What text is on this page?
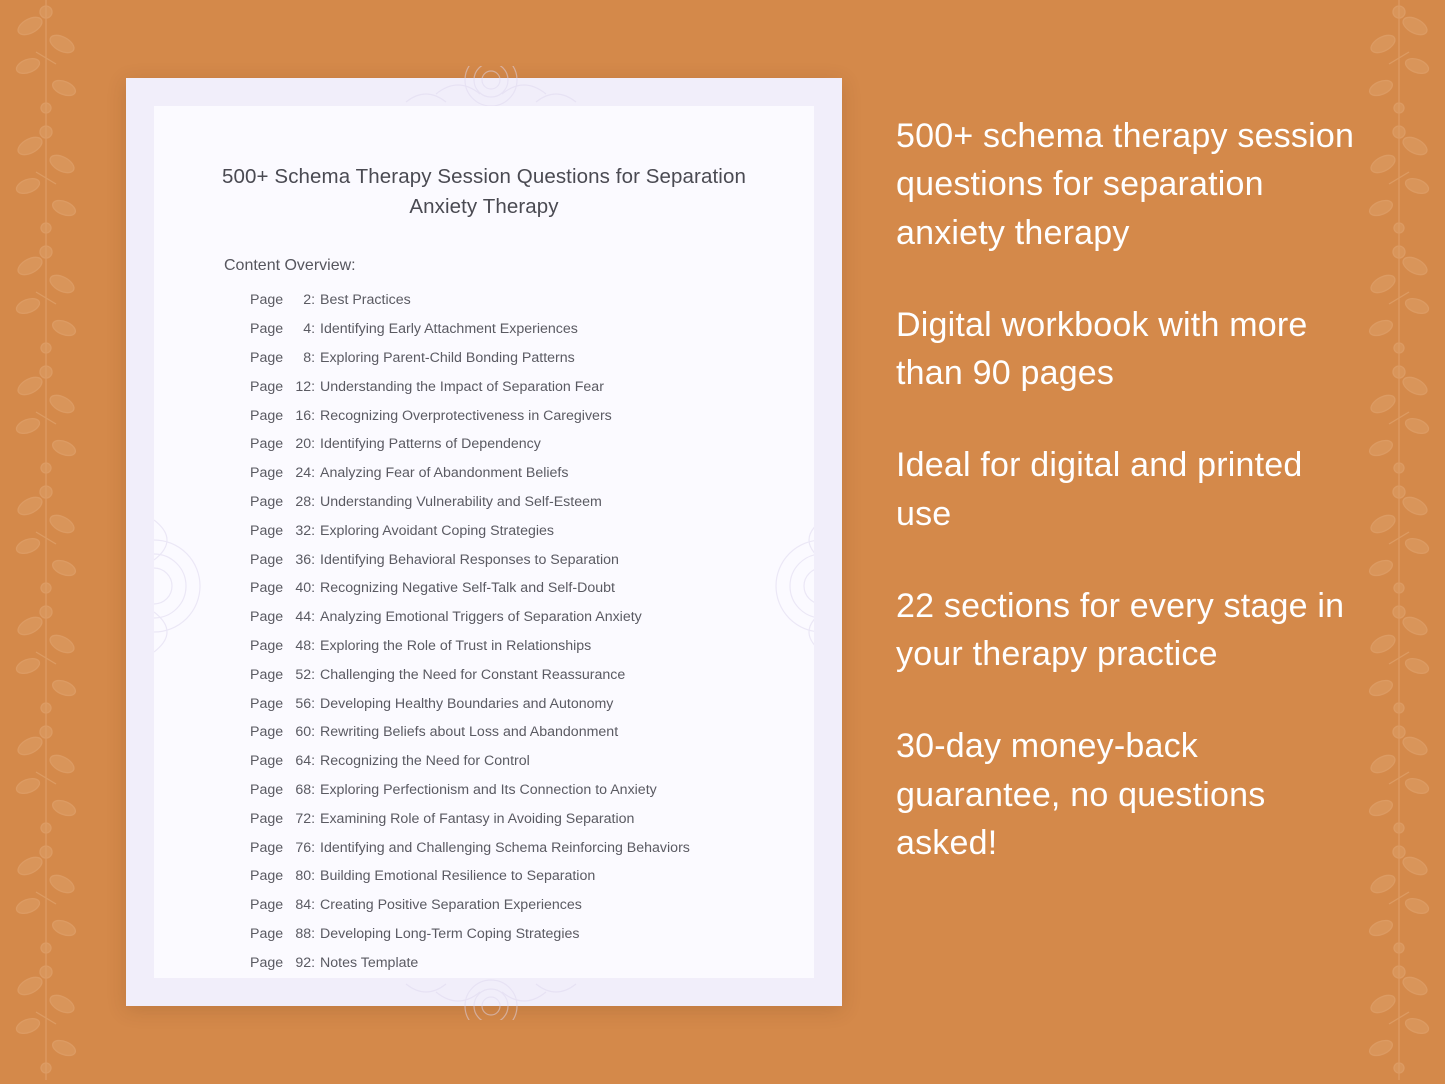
500+ Schema Therapy Session Questions for Separation Anxiety Therapy
Content Overview:
Page 2: Best Practices
Page 4: Identifying Early Attachment Experiences
Page 8: Exploring Parent-Child Bonding Patterns
Page 12: Understanding the Impact of Separation Fear
Page 16: Recognizing Overprotectiveness in Caregivers
Page 20: Identifying Patterns of Dependency
Page 24: Analyzing Fear of Abandonment Beliefs
Page 28: Understanding Vulnerability and Self-Esteem
Page 32: Exploring Avoidant Coping Strategies
Page 36: Identifying Behavioral Responses to Separation
Page 40: Recognizing Negative Self-Talk and Self-Doubt
Page 44: Analyzing Emotional Triggers of Separation Anxiety
Page 48: Exploring the Role of Trust in Relationships
Page 52: Challenging the Need for Constant Reassurance
Page 56: Developing Healthy Boundaries and Autonomy
Page 60: Rewriting Beliefs about Loss and Abandonment
Page 64: Recognizing the Need for Control
Page 68: Exploring Perfectionism and Its Connection to Anxiety
Page 72: Examining Role of Fantasy in Avoiding Separation
Page 76: Identifying and Challenging Schema Reinforcing Behaviors
Page 80: Building Emotional Resilience to Separation
Page 84: Creating Positive Separation Experiences
Page 88: Developing Long-Term Coping Strategies
Page 92: Notes Template
500+ schema therapy session questions for separation anxiety therapy
Digital workbook with more than 90 pages
Ideal for digital and printed use
22 sections for every stage in your therapy practice
30-day money-back guarantee, no questions asked!
